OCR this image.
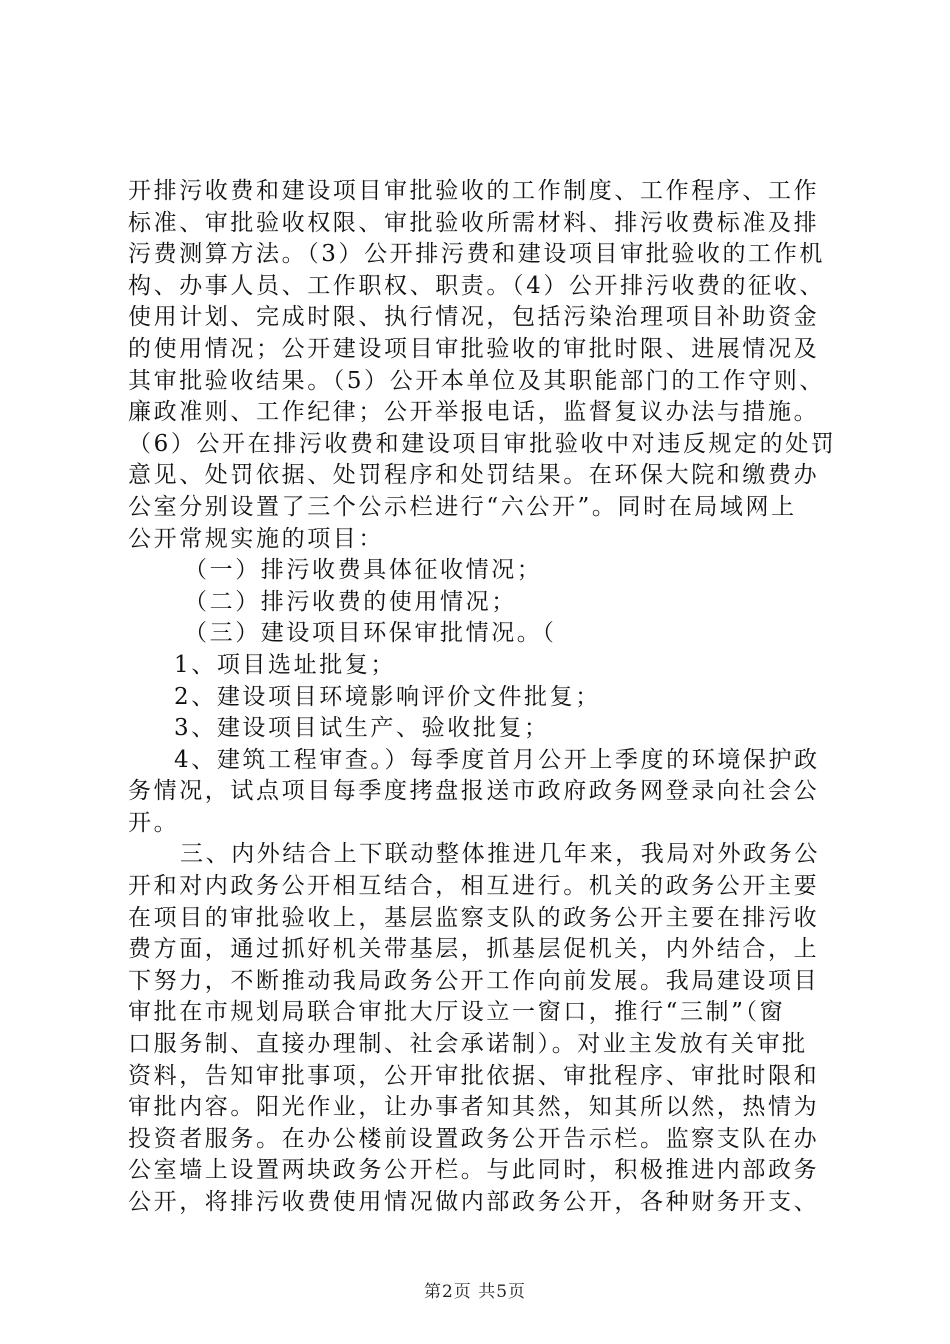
开排污收费和建设项目审批验收的工作制度、工作程序、工作
标准、审批验收权限、审批验收所需材料、排污收费标准及排
污费测算方法。（3）公开排污费和建设项目审批验收的工作机
构、办事人员、工作职权、职责。（4）公开排污收费的征收、
使用计划、完成时限、执行情况，包括污染治理项目补助资金
的使用情况；公开建设项目审批验收的审批时限、进展情况及
其审批验收结果。（5）公开本单位及其职能部门的工作守则、
廉政准则、工作纪律；公开举报电话，监督复议办法与措施。
（6）公开在排污收费和建设项目审批验收中对违反规定的处罚
意见、处罚依据、处罚程序和处罚结果。在环保大院和缴费办
公室分别设置了三个公示栏进行“六公开”。同时在局域网上
公开常规实施的项目：
（一）排污收费具体征收情况；
（二）排污收费的使用情况；
（三）建设项目环保审批情况。（
1、项目选址批复；
2、建设项目环境影响评价文件批复；
3、建设项目试生产、验收批复；
4、建筑工程审查。）每季度首月公开上季度的环境保护政
务情况，试点项目每季度拷盘报送市政府政务网登录向社会公
开。
三、内外结合上下联动整体推进几年来，我局对外政务公
开和对内政务公开相互结合，相互进行。机关的政务公开主要
在项目的审批验收上，基层监察支队的政务公开主要在排污收
费方面，通过抓好机关带基层，抓基层促机关，内外结合，上
下努力，不断推动我局政务公开工作向前发展。我局建设项目
审批在市规划局联合审批大厅设立一窗口，推行“三制”（窗
口服务制、直接办理制、社会承诺制）。对业主发放有关审批
资料，告知审批事项，公开审批依据、审批程序、审批时限和
审批内容。阳光作业，让办事者知其然，知其所以然，热情为
投资者服务。在办公楼前设置政务公开告示栏。监察支队在办
公室墙上设置两块政务公开栏。与此同时，积极推进内部政务
公开，将排污收费使用情况做内部政务公开，各种财务开支、
第2页 共5页
